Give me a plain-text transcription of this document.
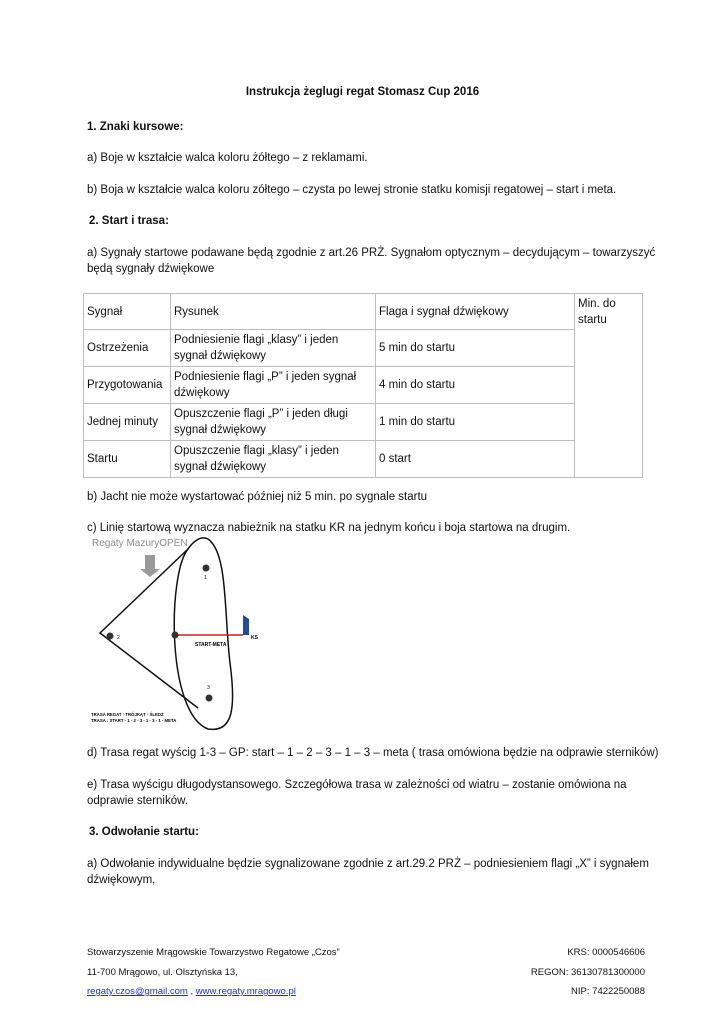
Instrukcja żeglugi regat Stomasz Cup 2016
1. Znaki kursowe:
a) Boje w kształcie walca koloru żółtego – z reklamami.
b) Boja w kształcie walca koloru zółtego – czysta po lewej stronie statku komisji regatowej – start i meta.
2. Start i trasa:
a) Sygnały startowe podawane będą zgodnie z art.26 PRŻ. Sygnałom optycznym – decydującym – towarzyszyć
będą sygnały dźwiękowe
Sygnał	Rysunek	Flaga i sygnał dźwiękowy	Min. do startu
Ostrzeżenia	Podniesienie flagi „klasy” i jeden sygnał dźwiękowy	5 min do startu	
Przygotowania	Podniesienie flagi „P” i jeden sygnał dźwiękowy	4 min do startu	
Jednej minuty	Opuszczenie flagi „P” i jeden długi sygnał dźwiękowy	1 min do startu	
Startu	Opuszczenie flagi „klasy” i jeden sygnał dźwiękowy	0 start	
b) Jacht nie może wystartować później niż 5 min. po sygnale startu
c) Linię startową wyznacza nabieżnik na statku KR na jednym końcu i boja startowa na drugim.
Regaty MazuryOPEN
1
2
3
START-META
KS
TRASA REGAT : TRÓJKĄT - ŚLEDŹ
TRASA : START - 1 - 2 - 3 - 1 - 3 - 1 - META
d) Trasa regat wyścig 1-3 – GP: start – 1 – 2 – 3 – 1 – 3 – meta ( trasa omówiona będzie na odprawie sterników)
e) Trasa wyścigu długodystansowego. Szczegółowa trasa w zależności od wiatru – zostanie omówiona na
odprawie sterników.
3. Odwołanie startu:
a) Odwołanie indywidualne będzie sygnalizowane zgodnie z art.29.2 PRŻ – podniesieniem flagi „X” i sygnałem
dźwiękowym,
Stowarzyszenie Mrągowskie Towarzystwo Regatowe „Czos”
11-700 Mrągowo, ul. Olsztyńska 13,
regaty.czos@gmail.com , www.regaty.mragowo.pl
KRS: 0000546606
REGON: 36130781300000
NIP: 7422250088
